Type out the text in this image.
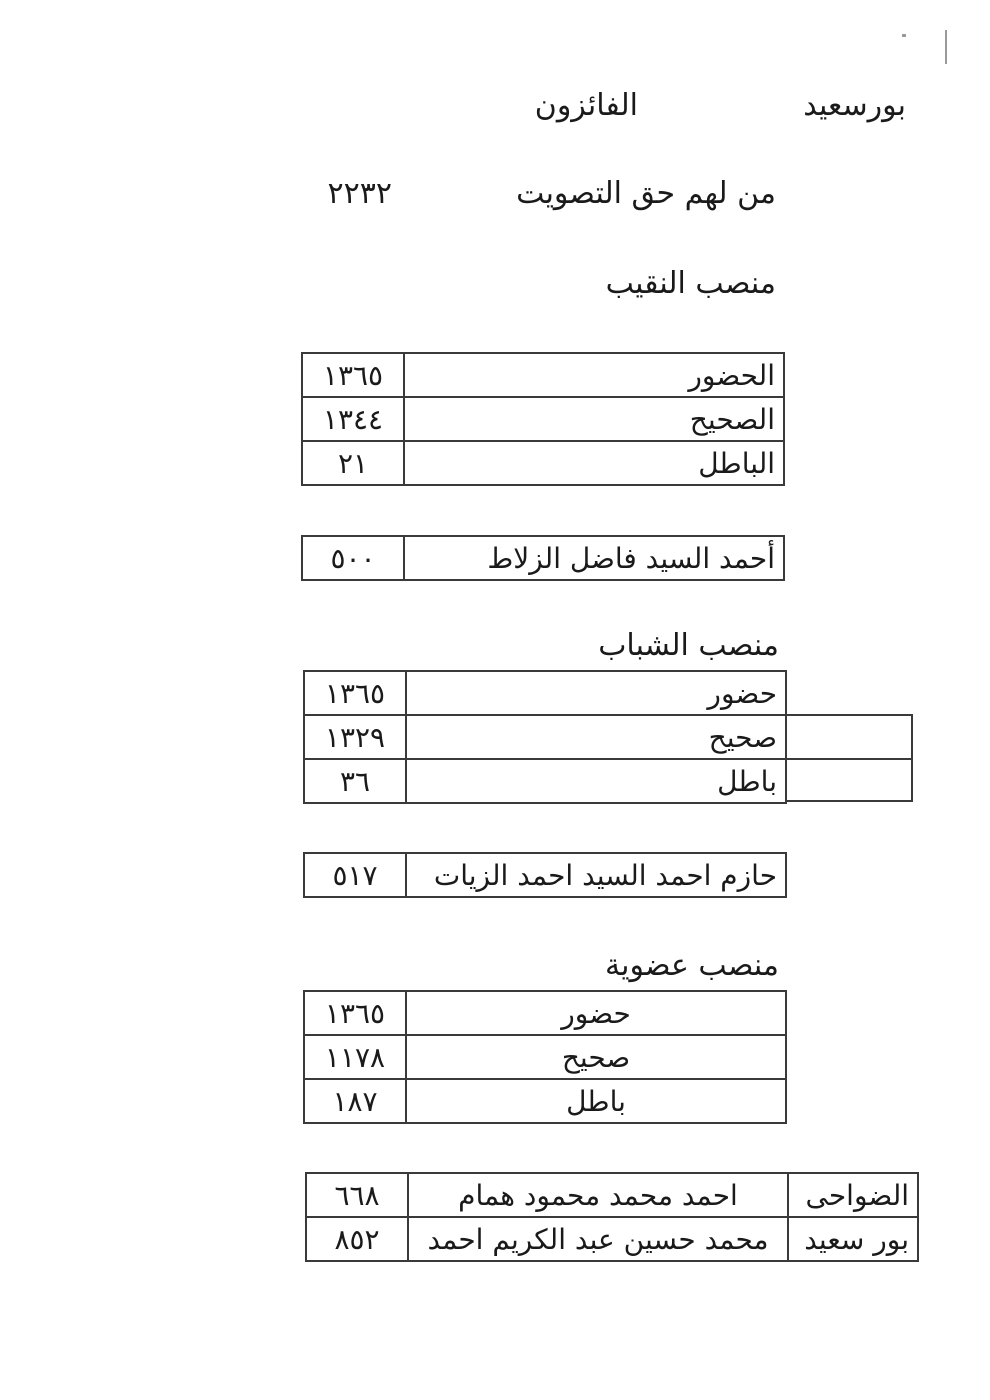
بورسعيد
الفائزون
من لهم حق التصويت
٢٢٣٢
منصب النقيب
١٣٦٥	الحضور
١٣٤٤	الصحيح
٢١	الباطل
٥٠٠	أحمد السيد فاضل الزلاط
منصب الشباب
١٣٦٥	حضور
١٣٢٩	صحيح
٣٦	باطل
٥١٧	حازم احمد السيد احمد الزيات
منصب عضوية
١٣٦٥	حضور
١١٧٨	صحيح
١٨٧	باطل
٦٦٨	احمد محمد محمود همام	الضواحى
٨٥٢	محمد حسين عبد الكريم احمد	بور سعيد
